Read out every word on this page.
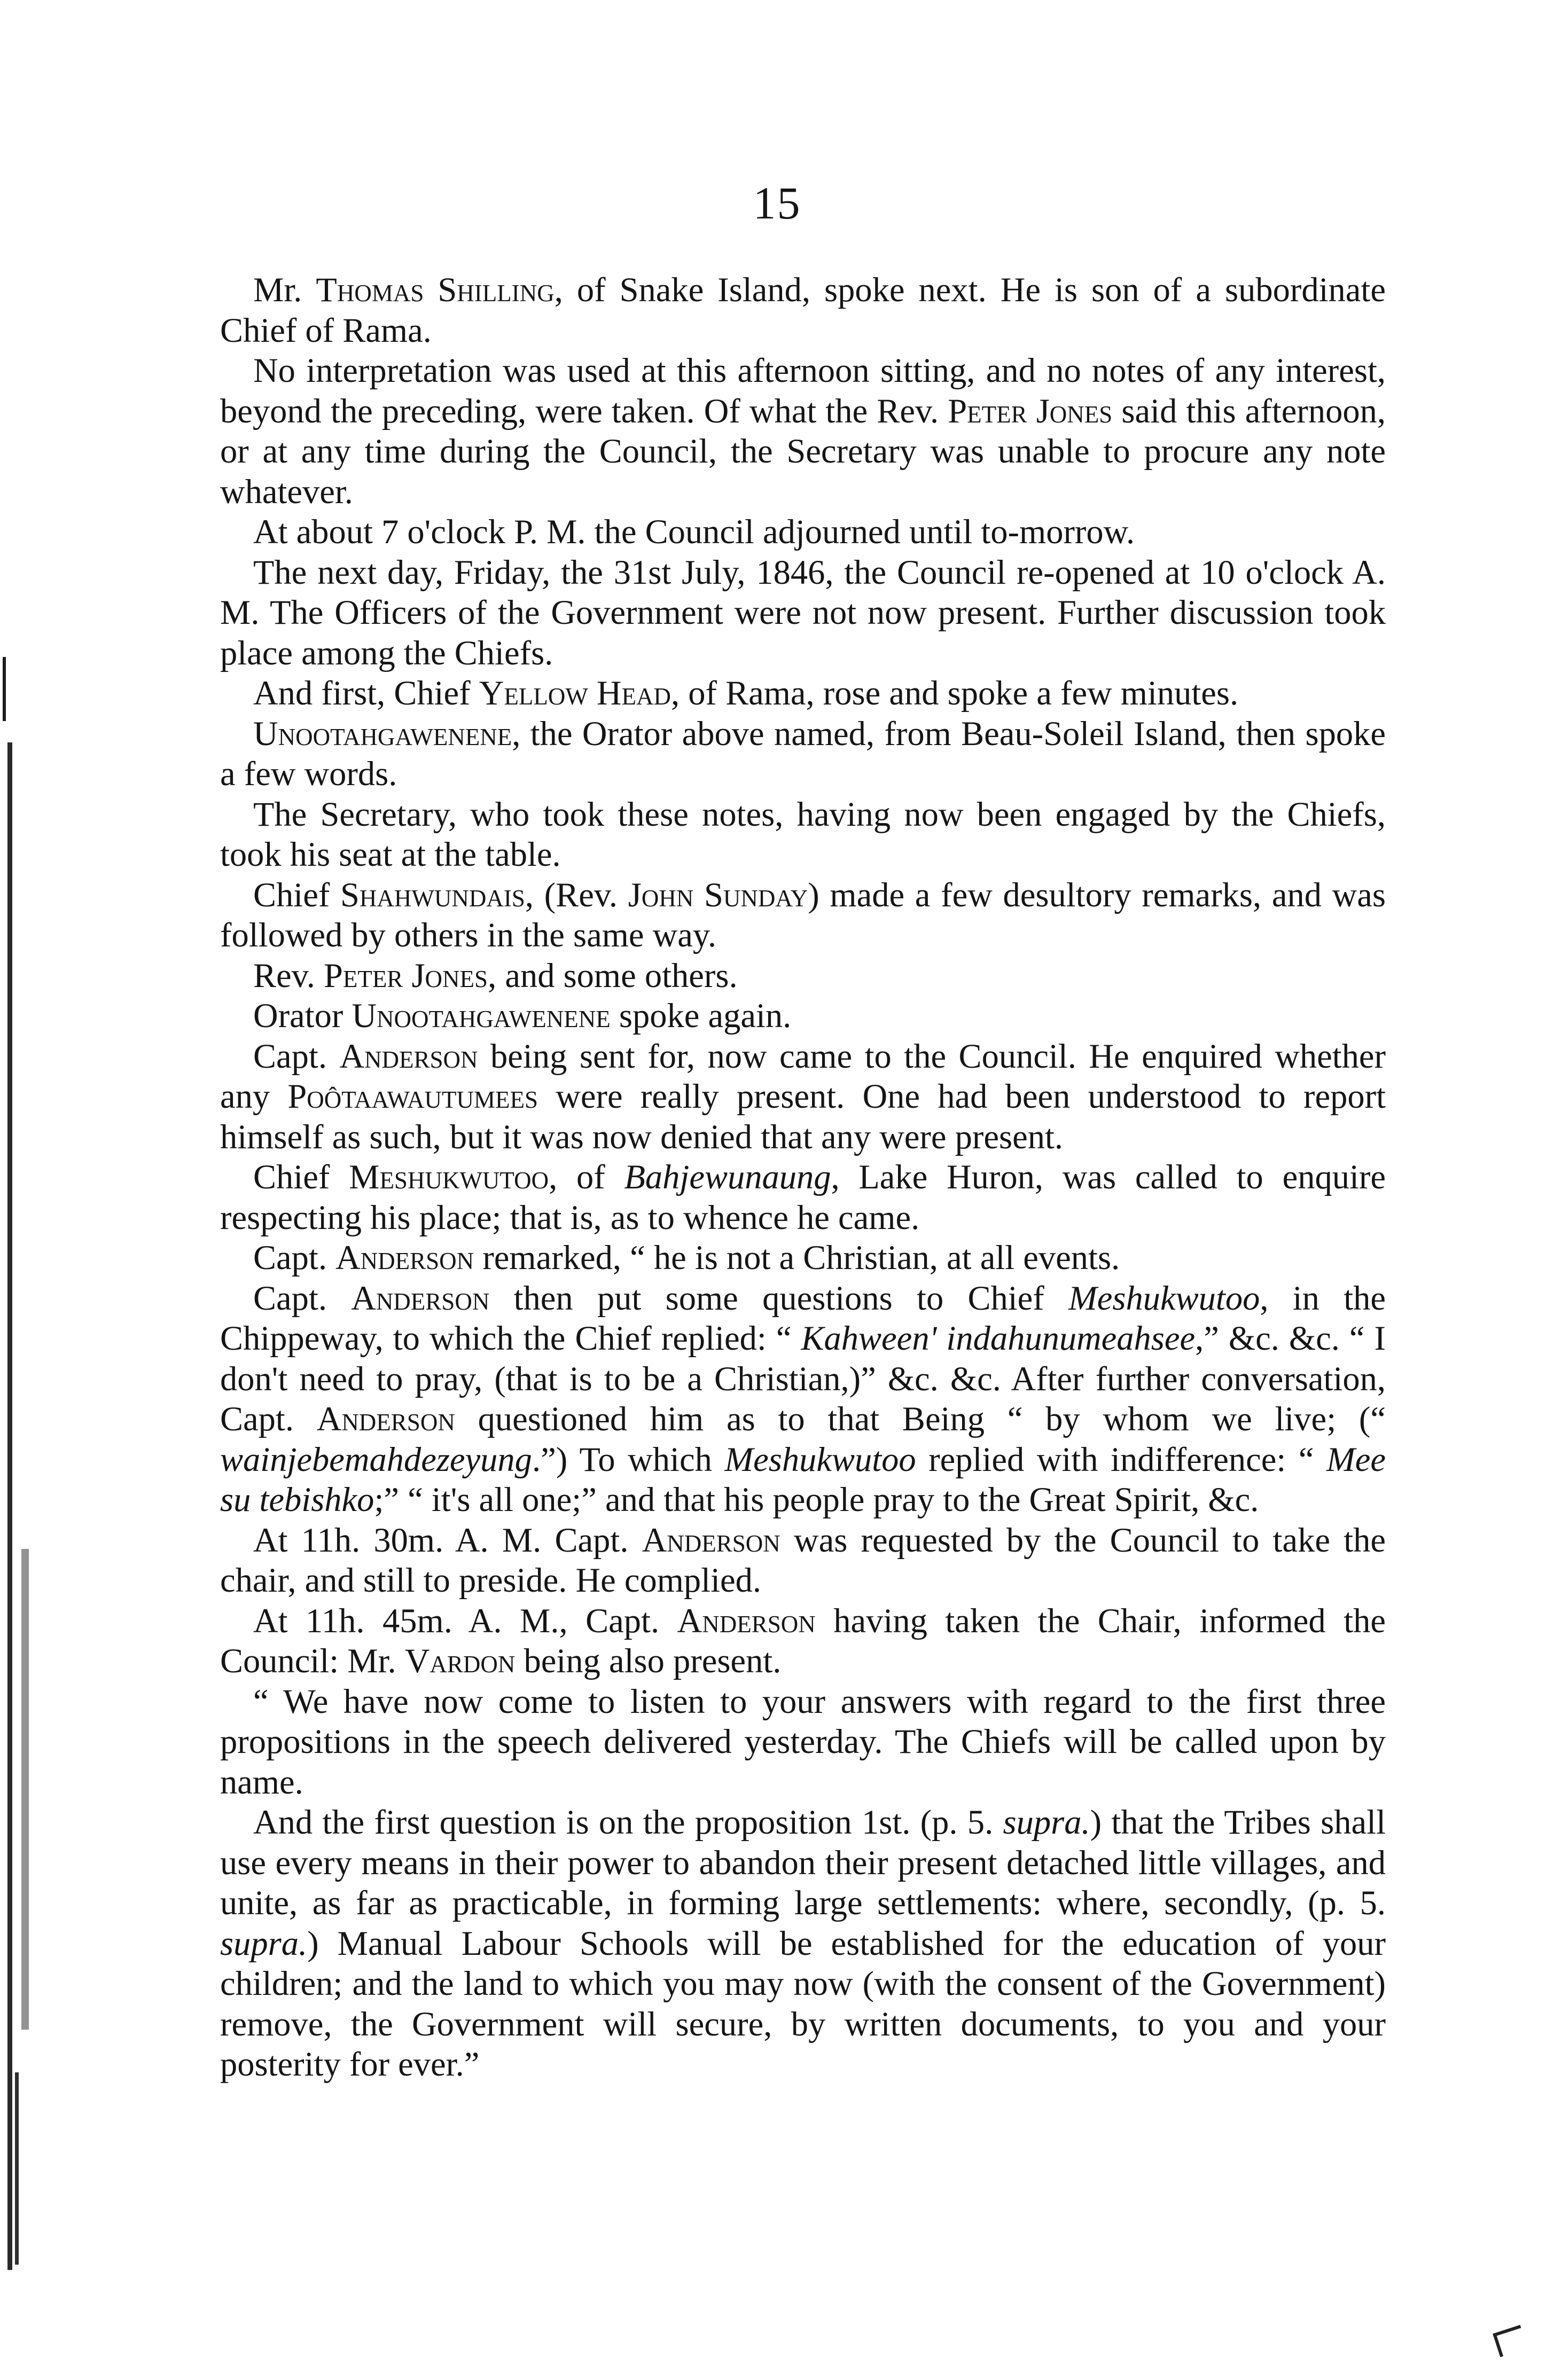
15

Mr. Thomas Shilling, of Snake Island, spoke next. He is son of a subordinate Chief of Rama.

No interpretation was used at this afternoon sitting, and no notes of any interest, beyond the preceding, were taken. Of what the Rev. Peter Jones said this afternoon, or at any time during the Council, the Secretary was unable to procure any note whatever.

At about 7 o'clock P. M. the Council adjourned until to-morrow.

The next day, Friday, the 31st July, 1846, the Council re-opened at 10 o'clock A. M. The Officers of the Government were not now present. Further discussion took place among the Chiefs.

And first, Chief Yellow Head, of Rama, rose and spoke a few minutes.

Unootahgawenene, the Orator above named, from Beau-Soleil Island, then spoke a few words.

The Secretary, who took these notes, having now been engaged by the Chiefs, took his seat at the table.

Chief Shahwundais, (Rev. John Sunday) made a few desultory remarks, and was followed by others in the same way.

Rev. Peter Jones, and some others.

Orator Unootahgawenene spoke again.

Capt. Anderson being sent for, now came to the Council. He enquired whether any Poôtaawautumees were really present. One had been understood to report himself as such, but it was now denied that any were present.

Chief Meshukwutoo, of Bahjewunaung, Lake Huron, was called to enquire respecting his place; that is, as to whence he came.

Capt. Anderson remarked, “ he is not a Christian, at all events.

Capt. Anderson then put some questions to Chief Meshukwutoo, in the Chippeway, to which the Chief replied: “ Kahween' indahunumeahsee,” &c. &c. “ I don't need to pray, (that is to be a Christian,)” &c. &c. After further conversation, Capt. Anderson questioned him as to that Being “ by whom we live; (“ wainjebemahdezeyung.”) To which Meshukwutoo replied with indifference: “ Mee su tebishko;” “ it's all one;” and that his people pray to the Great Spirit, &c.

At 11h. 30m. A. M. Capt. Anderson was requested by the Council to take the chair, and still to preside. He complied.

At 11h. 45m. A. M., Capt. Anderson having taken the Chair, informed the Council: Mr. Vardon being also present.

“ We have now come to listen to your answers with regard to the first three propositions in the speech delivered yesterday. The Chiefs will be called upon by name.

And the first question is on the proposition 1st. (p. 5. supra.) that the Tribes shall use every means in their power to abandon their present detached little villages, and unite, as far as practicable, in forming large settlements: where, secondly, (p. 5. supra.) Manual Labour Schools will be established for the education of your children; and the land to which you may now (with the consent of the Government) remove, the Government will secure, by written documents, to you and your posterity for ever.”
